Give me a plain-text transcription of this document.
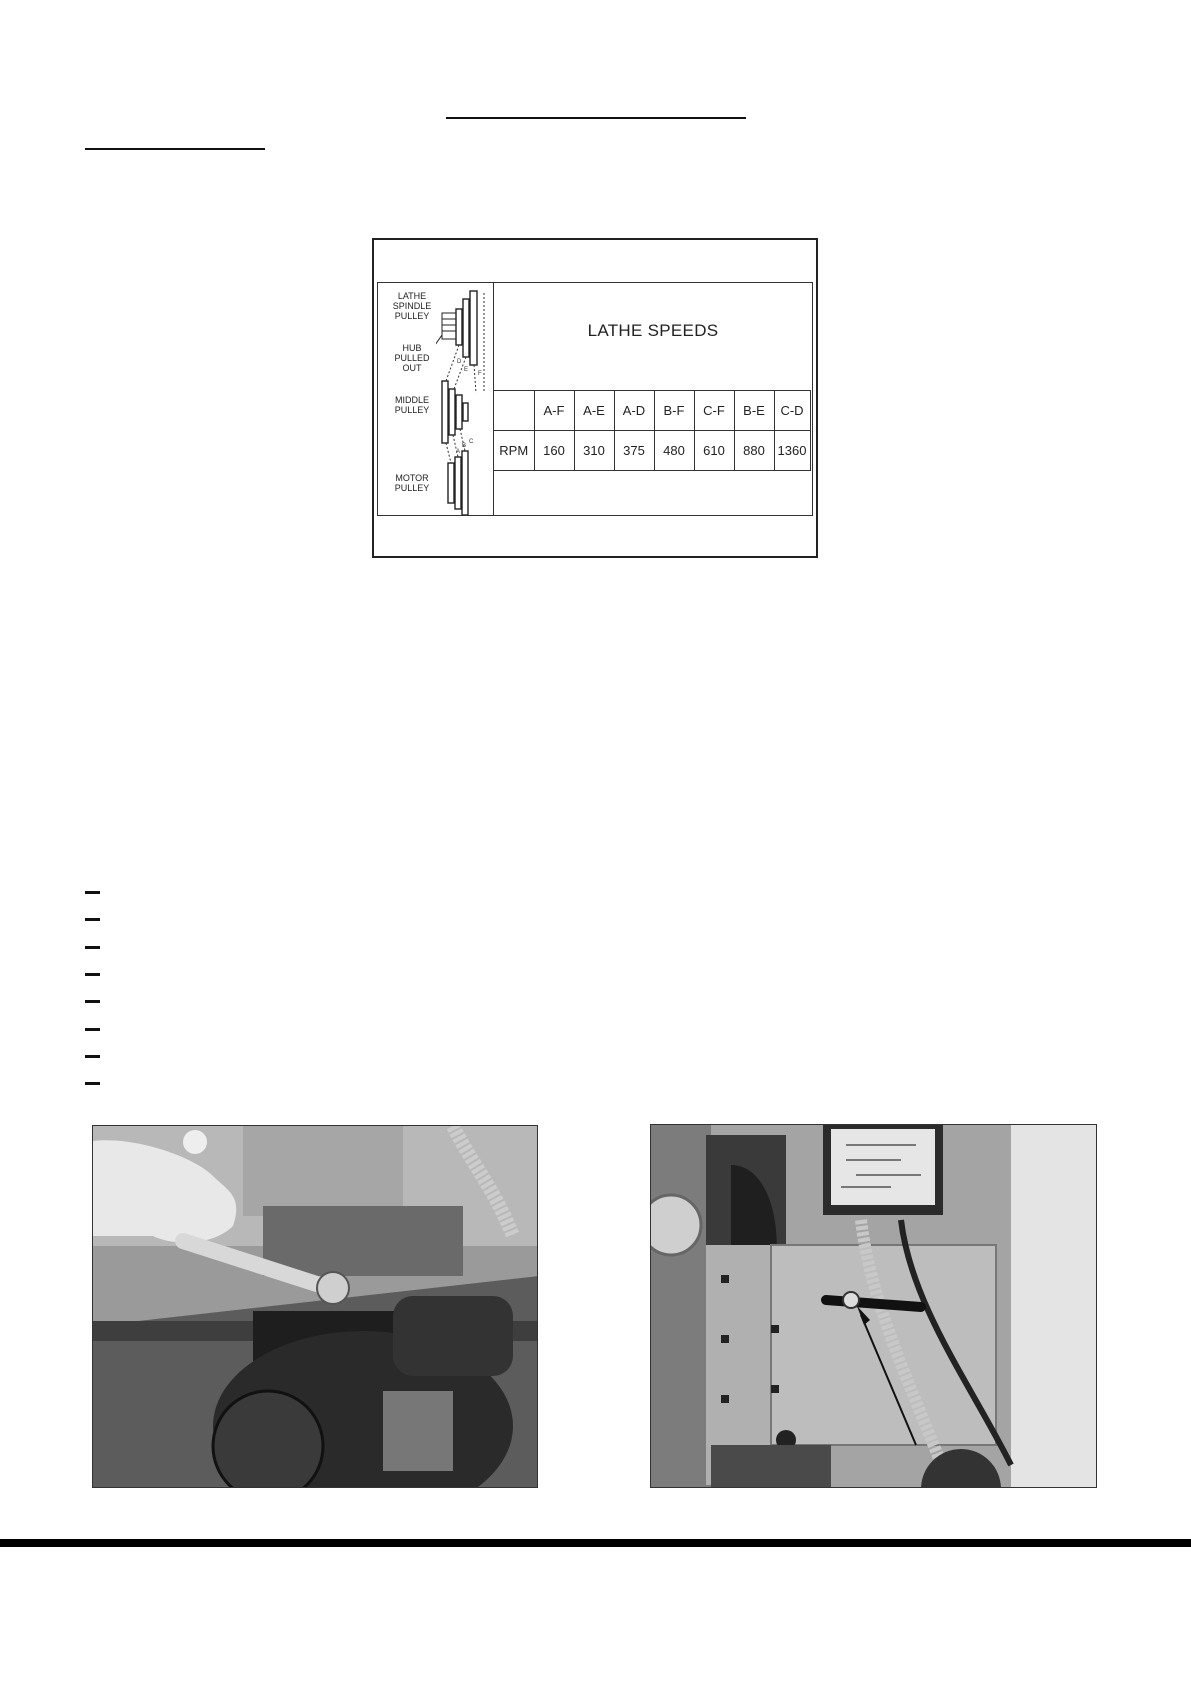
LATHE
SPINDLE
PULLEY
HUB
PULLED
OUT
MIDDLE
PULLEY
MOTOR
PULLEY
A
B
C
D
E
F
LATHE SPEEDS
	A-F	A-E	A-D	B-F	C-F	B-E	C-D
RPM	160	310	375	480	610	880	1360
